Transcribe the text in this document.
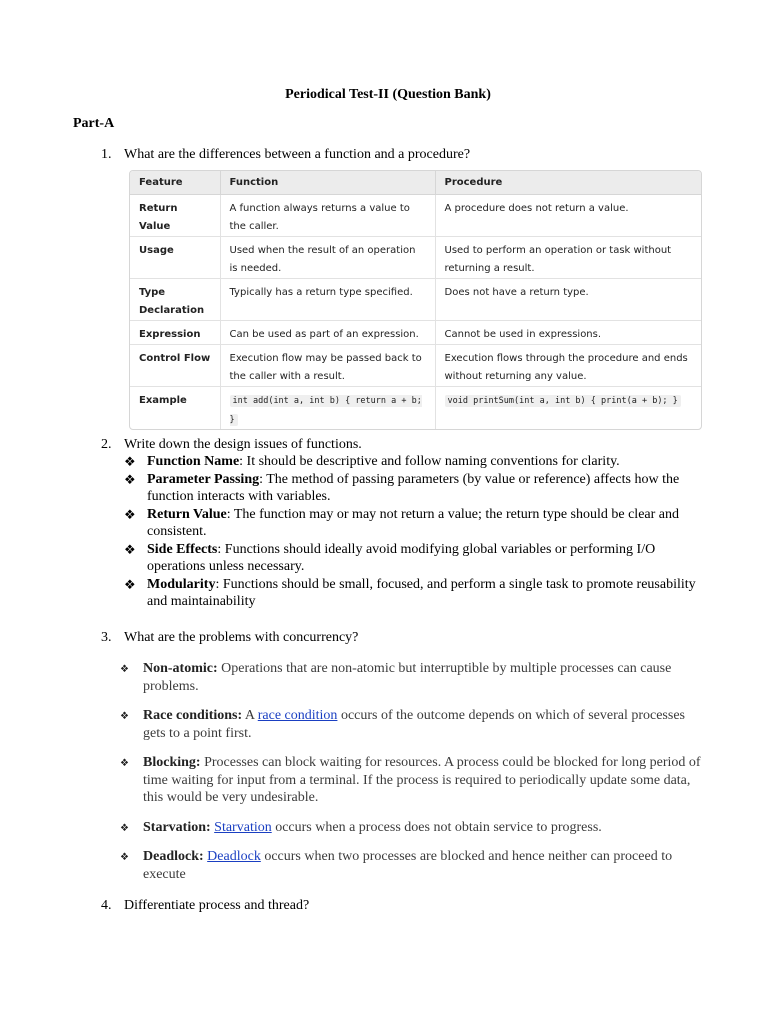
Periodical Test-II (Question Bank)
Part-A
1. What are the differences between a function and a procedure?
Feature	Function	Procedure
Return Value	A function always returns a value to the caller.	A procedure does not return a value.
Usage	Used when the result of an operation is needed.	Used to perform an operation or task without returning a result.
Type Declaration	Typically has a return type specified.	Does not have a return type.
Expression	Can be used as part of an expression.	Cannot be used in expressions.
Control Flow	Execution flow may be passed back to the caller with a result.	Execution flows through the procedure and ends without returning any value.
Example	int add(int a, int b) { return a + b; }	void printSum(int a, int b) { print(a + b); }
2. Write down the design issues of functions.
❖ Function Name: It should be descriptive and follow naming conventions for clarity.
❖ Parameter Passing: The method of passing parameters (by value or reference) affects how the function interacts with variables.
❖ Return Value: The function may or may not return a value; the return type should be clear and consistent.
❖ Side Effects: Functions should ideally avoid modifying global variables or performing I/O operations unless necessary.
❖ Modularity: Functions should be small, focused, and perform a single task to promote reusability and maintainability
3. What are the problems with concurrency?
❖ Non-atomic: Operations that are non-atomic but interruptible by multiple processes can cause problems.
❖ Race conditions: A race condition occurs of the outcome depends on which of several processes gets to a point first.
❖ Blocking: Processes can block waiting for resources. A process could be blocked for long period of time waiting for input from a terminal. If the process is required to periodically update some data, this would be very undesirable.
❖ Starvation: Starvation occurs when a process does not obtain service to progress.
❖ Deadlock: Deadlock occurs when two processes are blocked and hence neither can proceed to execute
4. Differentiate process and thread?
